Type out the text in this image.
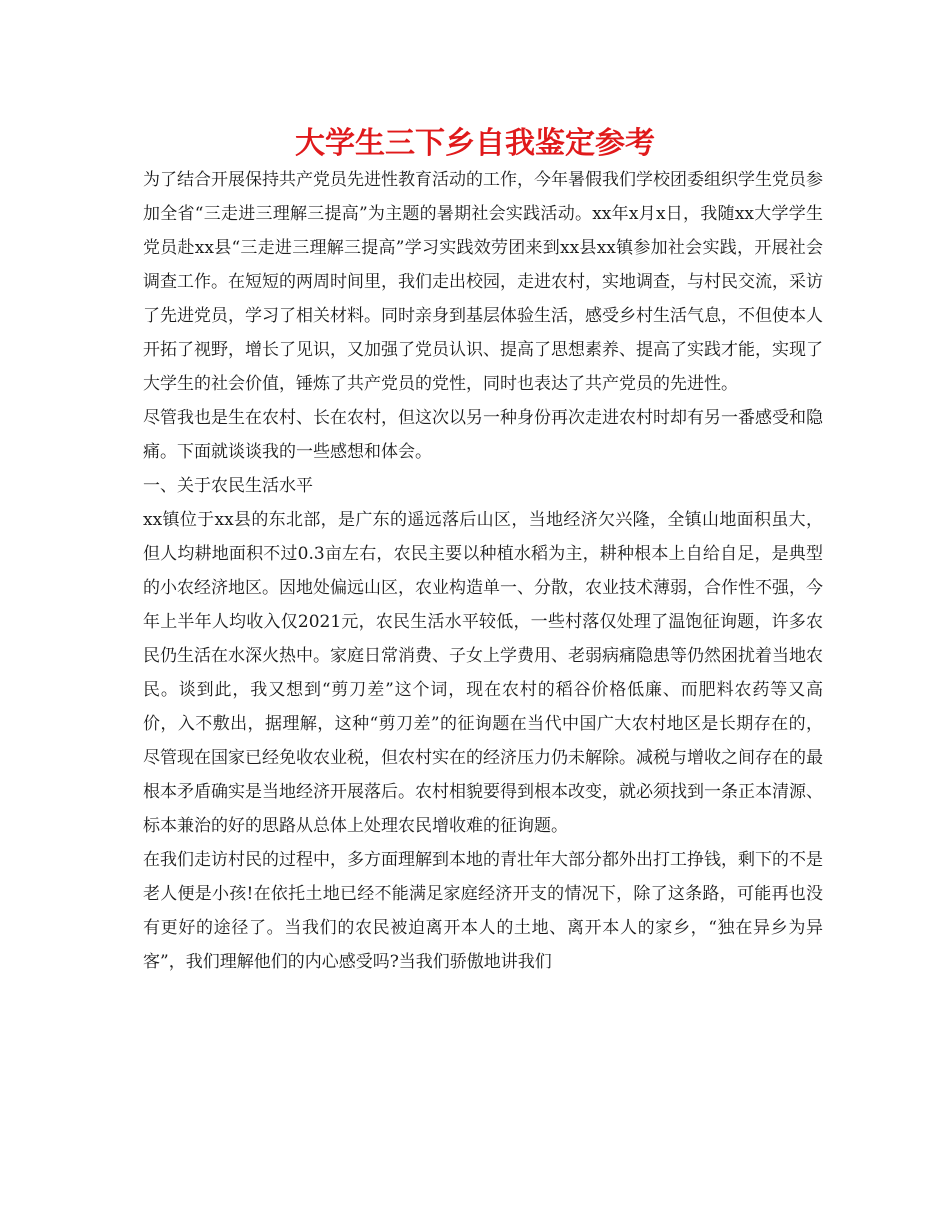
大学生三下乡自我鉴定参考

为了结合开展保持共产党员先进性教育活动的工作，今年暑假我们学校团委组织学生党员参加全省“三走进三理解三提高”为主题的暑期社会实践活动。xx年x月x日，我随xx大学学生党员赴xx县“三走进三理解三提高”学习实践效劳团来到xx县xx镇参加社会实践，开展社会调查工作。在短短的两周时间里，我们走出校园，走进农村，实地调查，与村民交流，采访了先进党员，学习了相关材料。同时亲身到基层体验生活，感受乡村生活气息，不但使本人开拓了视野，增长了见识，又加强了党员认识、提高了思想素养、提高了实践才能，实现了大学生的社会价值，锤炼了共产党员的党性，同时也表达了共产党员的先进性。

尽管我也是生在农村、长在农村，但这次以另一种身份再次走进农村时却有另一番感受和隐痛。下面就谈谈我的一些感想和体会。

一、关于农民生活水平

xx镇位于xx县的东北部，是广东的遥远落后山区，当地经济欠兴隆，全镇山地面积虽大，但人均耕地面积不过0.3亩左右，农民主要以种植水稻为主，耕种根本上自给自足，是典型的小农经济地区。因地处偏远山区，农业构造单一、分散，农业技术薄弱，合作性不强，今年上半年人均收入仅2021元，农民生活水平较低，一些村落仅处理了温饱征询题，许多农民仍生活在水深火热中。家庭日常消费、子女上学费用、老弱病痛隐患等仍然困扰着当地农民。谈到此，我又想到“剪刀差”这个词，现在农村的稻谷价格低廉、而肥料农药等又高价，入不敷出，据理解，这种“剪刀差”的征询题在当代中国广大农村地区是长期存在的，尽管现在国家已经免收农业税，但农村实在的经济压力仍未解除。减税与增收之间存在的最根本矛盾确实是当地经济开展落后。农村相貌要得到根本改变，就必须找到一条正本清源、标本兼治的好的思路从总体上处理农民增收难的征询题。

在我们走访村民的过程中，多方面理解到本地的青壮年大部分都外出打工挣钱，剩下的不是老人便是小孩!在依托土地已经不能满足家庭经济开支的情况下，除了这条路，可能再也没有更好的途径了。当我们的农民被迫离开本人的土地、离开本人的家乡，“独在异乡为异客”，我们理解他们的内心感受吗?当我们骄傲地讲我们
